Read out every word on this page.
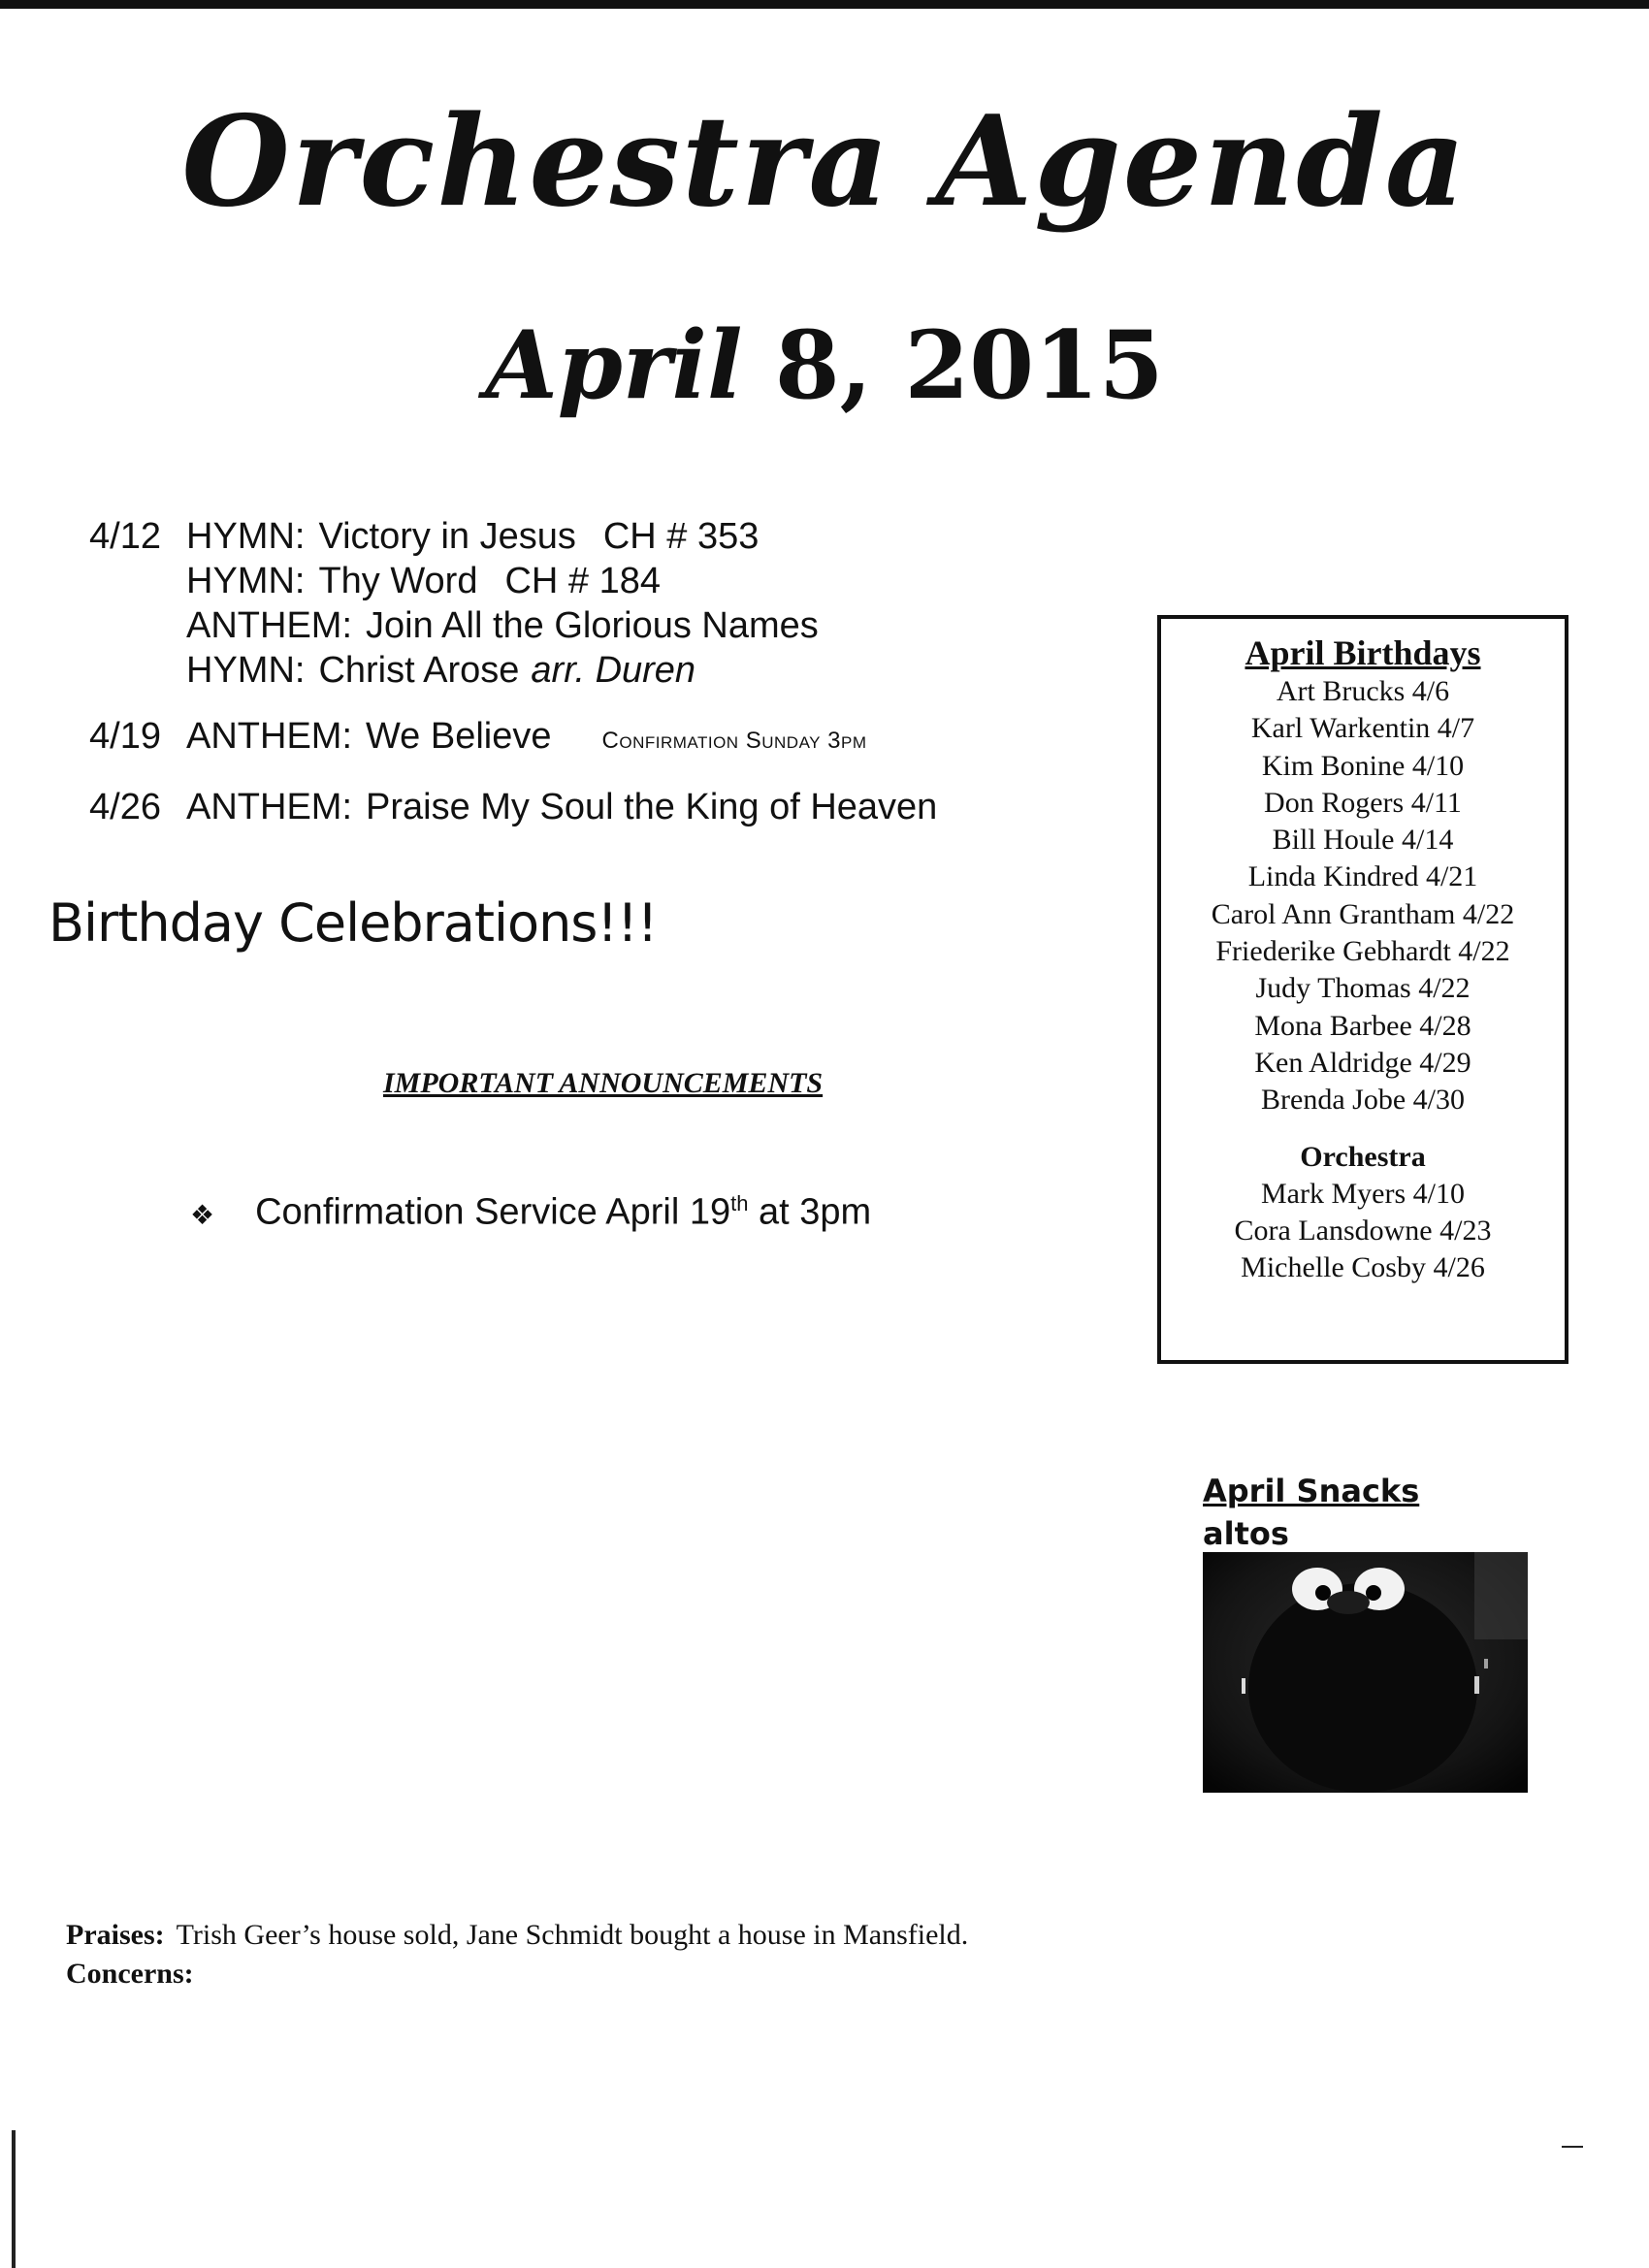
Orchestra Agenda
April 8, 2015
4/12 HYMN: Victory in Jesus CH # 353
HYMN: Thy Word CH # 184
ANTHEM: Join All the Glorious Names
HYMN: Christ Arose arr. Duren
4/19 ANTHEM: We Believe Confirmation Sunday 3pm
4/26 ANTHEM: Praise My Soul the King of Heaven
Birthday Celebrations!!!
IMPORTANT ANNOUNCEMENTS
❖ Confirmation Service April 19th at 3pm
April Birthdays
Art Brucks 4/6
Karl Warkentin 4/7
Kim Bonine 4/10
Don Rogers 4/11
Bill Houle 4/14
Linda Kindred 4/21
Carol Ann Grantham 4/22
Friederike Gebhardt 4/22
Judy Thomas 4/22
Mona Barbee 4/28
Ken Aldridge 4/29
Brenda Jobe 4/30
Orchestra
Mark Myers 4/10
Cora Lansdowne 4/23
Michelle Cosby 4/26
April Snacks
altos
Praises: Trish Geer’s house sold, Jane Schmidt bought a house in Mansfield.
Concerns:
